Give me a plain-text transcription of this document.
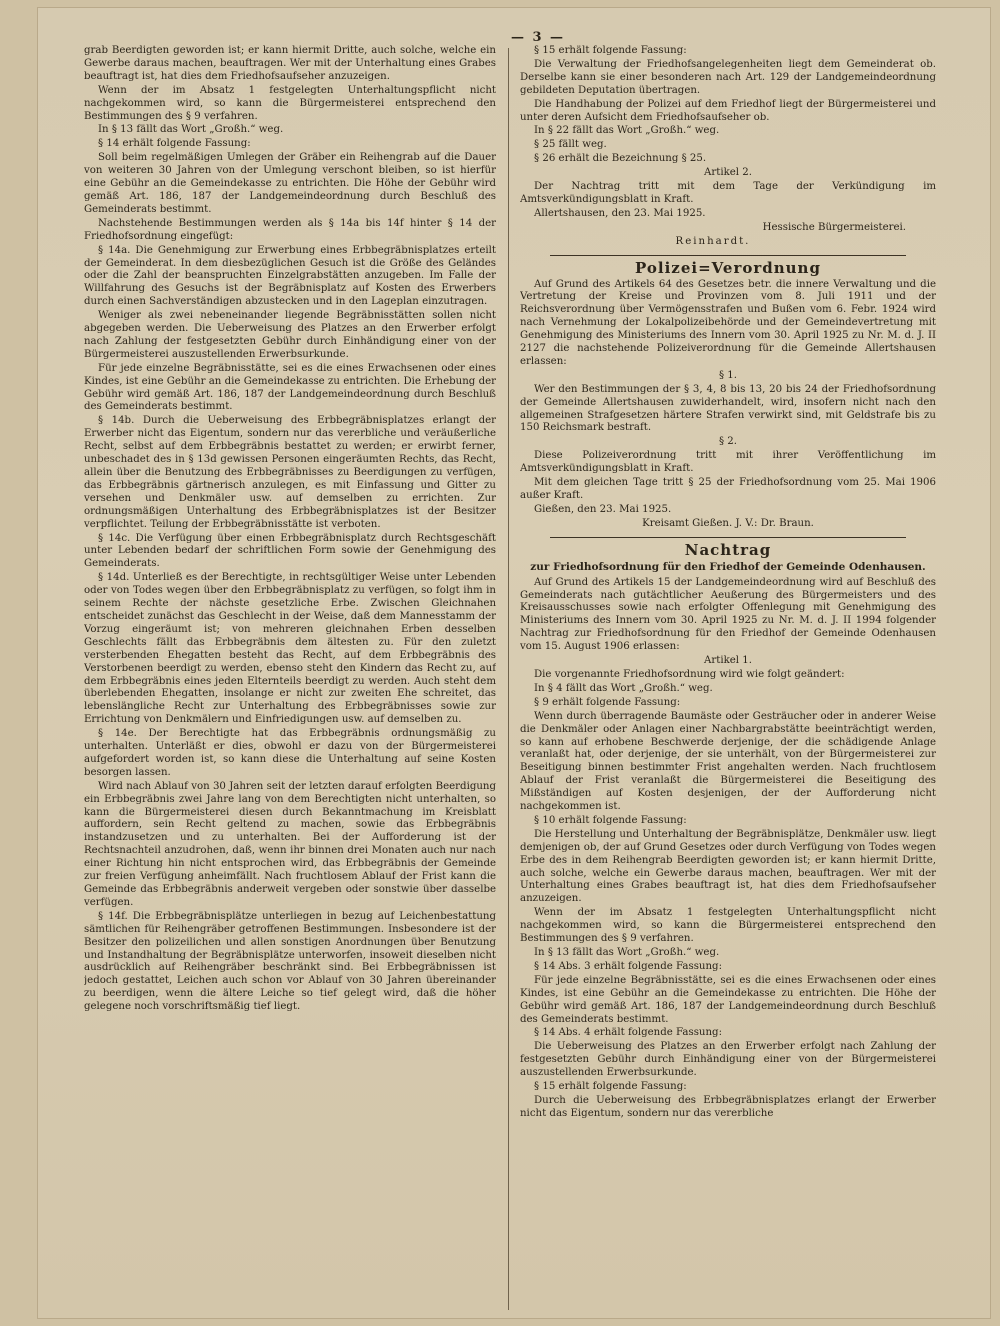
— 3 —

grab Beerdigten geworden ist; er kann hiermit Dritte, auch solche, welche ein Gewerbe daraus machen, beauftragen. Wer mit der Unterhaltung eines Grabes beauftragt ist, hat dies dem Friedhofsaufseher anzuzeigen.

Wenn der im Absatz 1 festgelegten Unterhaltungspflicht nicht nachgekommen wird, so kann die Bürgermeisterei entsprechend den Bestimmungen des § 9 verfahren.

In § 13 fällt das Wort „Großh.“ weg.

§ 14 erhält folgende Fassung:

Soll beim regelmäßigen Umlegen der Gräber ein Reihengrab auf die Dauer von weiteren 30 Jahren von der Umlegung verschont bleiben, so ist hierfür eine Gebühr an die Gemeindekasse zu entrichten. Die Höhe der Gebühr wird gemäß Art. 186, 187 der Landgemeindeordnung durch Beschluß des Gemeinderats bestimmt.

Nachstehende Bestimmungen werden als § 14a bis 14f hinter § 14 der Friedhofsordnung eingefügt:

§ 14a. Die Genehmigung zur Erwerbung eines Erbbegräbnisplatzes erteilt der Gemeinderat. In dem diesbezüglichen Gesuch ist die Größe des Geländes oder die Zahl der beanspruchten Einzelgrabstätten anzugeben. Im Falle der Willfahrung des Gesuchs ist der Begräbnisplatz auf Kosten des Erwerbers durch einen Sachverständigen abzustecken und in den Lageplan einzutragen.

Weniger als zwei nebeneinander liegende Begräbnisstätten sollen nicht abgegeben werden. Die Ueberweisung des Platzes an den Erwerber erfolgt nach Zahlung der festgesetzten Gebühr durch Einhändigung einer von der Bürgermeisterei auszustellenden Erwerbsurkunde.

Für jede einzelne Begräbnisstätte, sei es die eines Erwachsenen oder eines Kindes, ist eine Gebühr an die Gemeindekasse zu entrichten. Die Erhebung der Gebühr wird gemäß Art. 186, 187 der Landgemeindeordnung durch Beschluß des Gemeinderats bestimmt.

§ 14b. Durch die Ueberweisung des Erbbegräbnisplatzes erlangt der Erwerber nicht das Eigentum, sondern nur das vererbliche und veräußerliche Recht, selbst auf dem Erbbegräbnis bestattet zu werden; er erwirbt ferner, unbeschadet des in § 13d gewissen Personen eingeräumten Rechts, das Recht, allein über die Benutzung des Erbbegräbnisses zu Beerdigungen zu verfügen, das Erbbegräbnis gärtnerisch anzulegen, es mit Einfassung und Gitter zu versehen und Denkmäler usw. auf demselben zu errichten. Zur ordnungsmäßigen Unterhaltung des Erbbegräbnisplatzes ist der Besitzer verpflichtet. Teilung der Erbbegräbnisstätte ist verboten.

§ 14c. Die Verfügung über einen Erbbegräbnisplatz durch Rechtsgeschäft unter Lebenden bedarf der schriftlichen Form sowie der Genehmigung des Gemeinderats.

§ 14d. Unterließ es der Berechtigte, in rechtsgültiger Weise unter Lebenden oder von Todes wegen über den Erbbegräbnisplatz zu verfügen, so folgt ihm in seinem Rechte der nächste gesetzliche Erbe. Zwischen Gleichnahen entscheidet zunächst das Geschlecht in der Weise, daß dem Mannesstamm der Vorzug eingeräumt ist; von mehreren gleichnahen Erben desselben Geschlechts fällt das Erbbegräbnis dem ältesten zu. Für den zuletzt versterbenden Ehegatten besteht das Recht, auf dem Erbbegräbnis des Verstorbenen beerdigt zu werden, ebenso steht den Kindern das Recht zu, auf dem Erbbegräbnis eines jeden Elternteils beerdigt zu werden. Auch steht dem überlebenden Ehegatten, insolange er nicht zur zweiten Ehe schreitet, das lebenslängliche Recht zur Unterhaltung des Erbbegräbnisses sowie zur Errichtung von Denkmälern und Einfriedigungen usw. auf demselben zu.

§ 14e. Der Berechtigte hat das Erbbegräbnis ordnungsmäßig zu unterhalten. Unterläßt er dies, obwohl er dazu von der Bürgermeisterei aufgefordert worden ist, so kann diese die Unterhaltung auf seine Kosten besorgen lassen.

Wird nach Ablauf von 30 Jahren seit der letzten darauf erfolgten Beerdigung ein Erbbegräbnis zwei Jahre lang von dem Berechtigten nicht unterhalten, so kann die Bürgermeisterei diesen durch Bekanntmachung im Kreisblatt auffordern, sein Recht geltend zu machen, sowie das Erbbegräbnis instandzusetzen und zu unterhalten. Bei der Aufforderung ist der Rechtsnachteil anzudrohen, daß, wenn ihr binnen drei Monaten auch nur nach einer Richtung hin nicht entsprochen wird, das Erbbegräbnis der Gemeinde zur freien Verfügung anheimfällt. Nach fruchtlosem Ablauf der Frist kann die Gemeinde das Erbbegräbnis anderweit vergeben oder sonstwie über dasselbe verfügen.

§ 14f. Die Erbbegräbnisplätze unterliegen in bezug auf Leichenbestattung sämtlichen für Reihengräber getroffenen Bestimmungen. Insbesondere ist der Besitzer den polizeilichen und allen sonstigen Anordnungen über Benutzung und Instandhaltung der Begräbnisplätze unterworfen, insoweit dieselben nicht ausdrücklich auf Reihengräber beschränkt sind. Bei Erbbegräbnissen ist jedoch gestattet, Leichen auch schon vor Ablauf von 30 Jahren übereinander zu beerdigen, wenn die ältere Leiche so tief gelegt wird, daß die höher gelegene noch vorschriftsmäßig tief liegt.

§ 15 erhält folgende Fassung:

Die Verwaltung der Friedhofsangelegenheiten liegt dem Gemeinderat ob. Derselbe kann sie einer besonderen nach Art. 129 der Landgemeindeordnung gebildeten Deputation übertragen.

Die Handhabung der Polizei auf dem Friedhof liegt der Bürgermeisterei und unter deren Aufsicht dem Friedhofsaufseher ob.

In § 22 fällt das Wort „Großh.“ weg.

§ 25 fällt weg.

§ 26 erhält die Bezeichnung § 25.

Artikel 2.

Der Nachtrag tritt mit dem Tage der Verkündigung im Amtsverkündigungsblatt in Kraft.

Allertshausen, den 23. Mai 1925.

Hessische Bürgermeisterei.

Reinhardt.

Polizei=Verordnung

Auf Grund des Artikels 64 des Gesetzes betr. die innere Verwaltung und die Vertretung der Kreise und Provinzen vom 8. Juli 1911 und der Reichsverordnung über Vermögensstrafen und Bußen vom 6. Febr. 1924 wird nach Vernehmung der Lokalpolizeibehörde und der Gemeindevertretung mit Genehmigung des Ministeriums des Innern vom 30. April 1925 zu Nr. M. d. J. II 2127 die nachstehende Polizeiverordnung für die Gemeinde Allertshausen erlassen:

§ 1.

Wer den Bestimmungen der § 3, 4, 8 bis 13, 20 bis 24 der Friedhofsordnung der Gemeinde Allertshausen zuwiderhandelt, wird, insofern nicht nach den allgemeinen Strafgesetzen härtere Strafen verwirkt sind, mit Geldstrafe bis zu 150 Reichsmark bestraft.

§ 2.

Diese Polizeiverordnung tritt mit ihrer Veröffentlichung im Amtsverkündigungsblatt in Kraft.

Mit dem gleichen Tage tritt § 25 der Friedhofsordnung vom 25. Mai 1906 außer Kraft.

Gießen, den 23. Mai 1925.

Kreisamt Gießen. J. V.: Dr. Braun.

Nachtrag
zur Friedhofsordnung für den Friedhof der Gemeinde Odenhausen.

Auf Grund des Artikels 15 der Landgemeindeordnung wird auf Beschluß des Gemeinderats nach gutächtlicher Aeußerung des Bürgermeisters und des Kreisausschusses sowie nach erfolgter Offenlegung mit Genehmigung des Ministeriums des Innern vom 30. April 1925 zu Nr. M. d. J. II 1994 folgender Nachtrag zur Friedhofsordnung für den Friedhof der Gemeinde Odenhausen vom 15. August 1906 erlassen:

Artikel 1.

Die vorgenannte Friedhofsordnung wird wie folgt geändert:

In § 4 fällt das Wort „Großh.“ weg.

§ 9 erhält folgende Fassung:

Wenn durch überragende Baumäste oder Gesträucher oder in anderer Weise die Denkmäler oder Anlagen einer Nachbargrabstätte beeinträchtigt werden, so kann auf erhobene Beschwerde derjenige, der die schädigende Anlage veranlaßt hat, oder derjenige, der sie unterhält, von der Bürgermeisterei zur Beseitigung binnen bestimmter Frist angehalten werden. Nach fruchtlosem Ablauf der Frist veranlaßt die Bürgermeisterei die Beseitigung des Mißständigen auf Kosten desjenigen, der der Aufforderung nicht nachgekommen ist.

§ 10 erhält folgende Fassung:

Die Herstellung und Unterhaltung der Begräbnisplätze, Denkmäler usw. liegt demjenigen ob, der auf Grund Gesetzes oder durch Verfügung von Todes wegen Erbe des in dem Reihengrab Beerdigten geworden ist; er kann hiermit Dritte, auch solche, welche ein Gewerbe daraus machen, beauftragen. Wer mit der Unterhaltung eines Grabes beauftragt ist, hat dies dem Friedhofsaufseher anzuzeigen.

Wenn der im Absatz 1 festgelegten Unterhaltungspflicht nicht nachgekommen wird, so kann die Bürgermeisterei entsprechend den Bestimmungen des § 9 verfahren.

In § 13 fällt das Wort „Großh.“ weg.

§ 14 Abs. 3 erhält folgende Fassung:

Für jede einzelne Begräbnisstätte, sei es die eines Erwachsenen oder eines Kindes, ist eine Gebühr an die Gemeindekasse zu entrichten. Die Höhe der Gebühr wird gemäß Art. 186, 187 der Landgemeindeordnung durch Beschluß des Gemeinderats bestimmt.

§ 14 Abs. 4 erhält folgende Fassung:

Die Ueberweisung des Platzes an den Erwerber erfolgt nach Zahlung der festgesetzten Gebühr durch Einhändigung einer von der Bürgermeisterei auszustellenden Erwerbsurkunde.

§ 15 erhält folgende Fassung:

Durch die Ueberweisung des Erbbegräbnisplatzes erlangt der Erwerber nicht das Eigentum, sondern nur das vererbliche
